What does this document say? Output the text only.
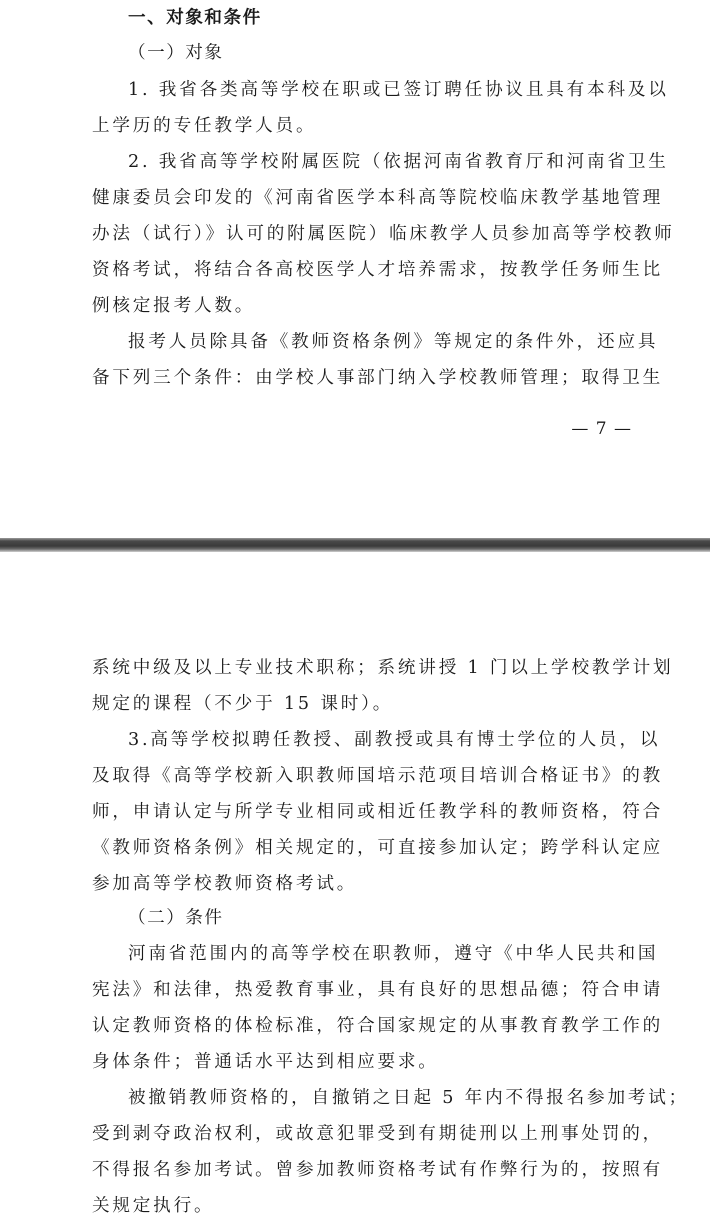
一、对象和条件
（一）对象
1. 我省各类高等学校在职或已签订聘任协议且具有本科及以
上学历的专任教学人员。
2. 我省高等学校附属医院（依据河南省教育厅和河南省卫生
健康委员会印发的《河南省医学本科高等院校临床教学基地管理
办法（试行）》认可的附属医院）临床教学人员参加高等学校教师
资格考试，将结合各高校医学人才培养需求，按教学任务师生比
例核定报考人数。
报考人员除具备《教师资格条例》等规定的条件外，还应具
备下列三个条件：由学校人事部门纳入学校教师管理；取得卫生
— 7 —
系统中级及以上专业技术职称；系统讲授 1 门以上学校教学计划
规定的课程（不少于 15 课时）。
3.高等学校拟聘任教授、副教授或具有博士学位的人员，以
及取得《高等学校新入职教师国培示范项目培训合格证书》的教
师，申请认定与所学专业相同或相近任教学科的教师资格，符合
《教师资格条例》相关规定的，可直接参加认定；跨学科认定应
参加高等学校教师资格考试。
（二）条件
河南省范围内的高等学校在职教师，遵守《中华人民共和国
宪法》和法律，热爱教育事业，具有良好的思想品德；符合申请
认定教师资格的体检标准，符合国家规定的从事教育教学工作的
身体条件；普通话水平达到相应要求。
被撤销教师资格的，自撤销之日起 5 年内不得报名参加考试；
受到剥夺政治权利，或故意犯罪受到有期徒刑以上刑事处罚的，
不得报名参加考试。曾参加教师资格考试有作弊行为的，按照有
关规定执行。
